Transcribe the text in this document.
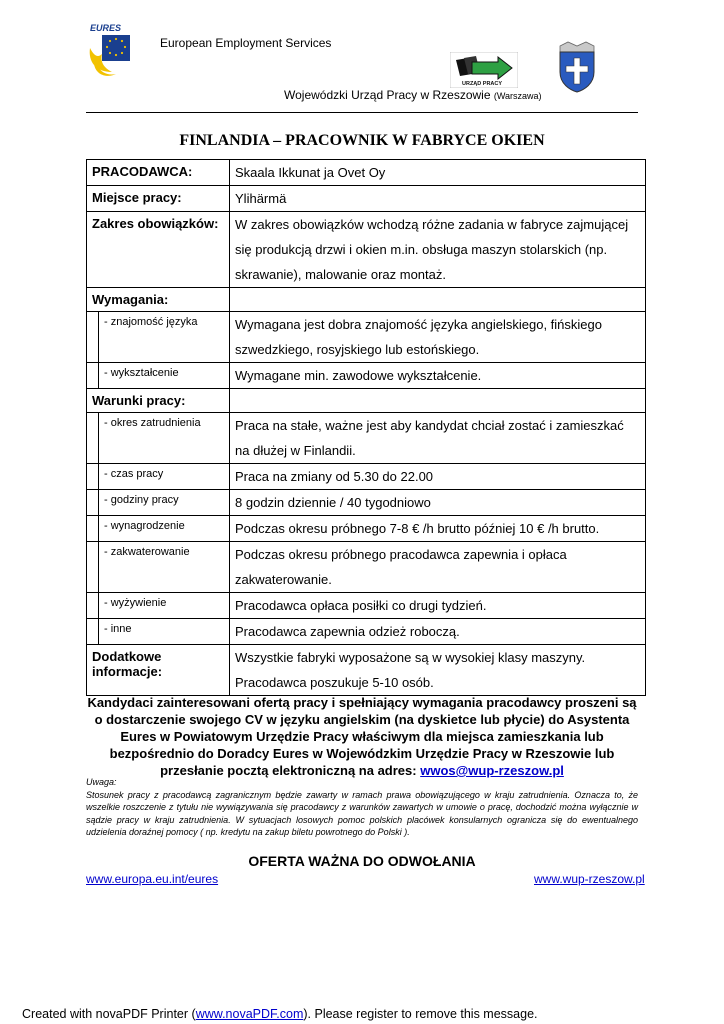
EURES
European Employment Services
URZĄD PRACY
Wojewódzki Urząd Pracy w Rzeszowie (Warszawa)
FINLANDIA – PRACOWNIK W FABRYCE OKIEN
PRACODAWCA:		Skaala Ikkunat ja Ovet Oy
Miejsce pracy:		Ylihärmä
Zakres obowiązków:		W zakres obowiązków wchodzą różne zadania w fabryce zajmującej się produkcją drzwi i okien m.in. obsługa maszyn stolarskich (np. skrawanie), malowanie oraz montaż.
Wymagania:		
	- znajomość języka	Wymagana jest dobra znajomość języka angielskiego, fińskiego szwedzkiego, rosyjskiego lub estońskiego.
	- wykształcenie	Wymagane min. zawodowe wykształcenie.
Warunki pracy:		
	- okres zatrudnienia	Praca na stałe, ważne jest aby kandydat chciał zostać i zamieszkać na dłużej w Finlandii.
	- czas pracy	Praca na zmiany od 5.30 do 22.00
	- godziny pracy	8 godzin dziennie / 40 tygodniowo
	- wynagrodzenie	Podczas okresu próbnego 7-8 € /h brutto później 10 € /h brutto.
	- zakwaterowanie	Podczas okresu próbnego pracodawca zapewnia i opłaca zakwaterowanie.
	- wyżywienie	Pracodawca opłaca posiłki co drugi tydzień.
	- inne	Pracodawca zapewnia odzież roboczą.
Dodatkowe informacje:		Wszystkie fabryki wyposażone są w wysokiej klasy maszyny. Pracodawca poszukuje 5-10 osób.
Kandydaci zainteresowani ofertą pracy i spełniający wymagania pracodawcy proszeni są o dostarczenie swojego CV w języku angielskim (na dyskietce lub płycie) do Asystenta Eures w Powiatowym Urzędzie Pracy właściwym dla miejsca zamieszkania lub bezpośrednio do Doradcy Eures w Wojewódzkim Urzędzie Pracy w Rzeszowie lub przesłanie pocztą elektroniczną na adres: wwos@wup-rzeszow.pl
Uwaga:
Stosunek pracy z pracodawcą zagranicznym będzie zawarty w ramach prawa obowiązującego w kraju zatrudnienia. Oznacza to, że wszelkie roszczenie z tytułu nie wywiązywania się pracodawcy z warunków zawartych w umowie o pracę, dochodzić można wyłącznie w sądzie pracy w kraju zatrudnienia. W sytuacjach losowych pomoc polskich placówek konsularnych ogranicza się do ewentualnego udzielenia doraźnej pomocy ( np. kredytu na zakup biletu powrotnego do Polski ).
OFERTA WAŻNA DO ODWOŁANIA
www.europa.eu.int/eures	www.wup-rzeszow.pl
Created with novaPDF Printer (www.novaPDF.com). Please register to remove this message.
